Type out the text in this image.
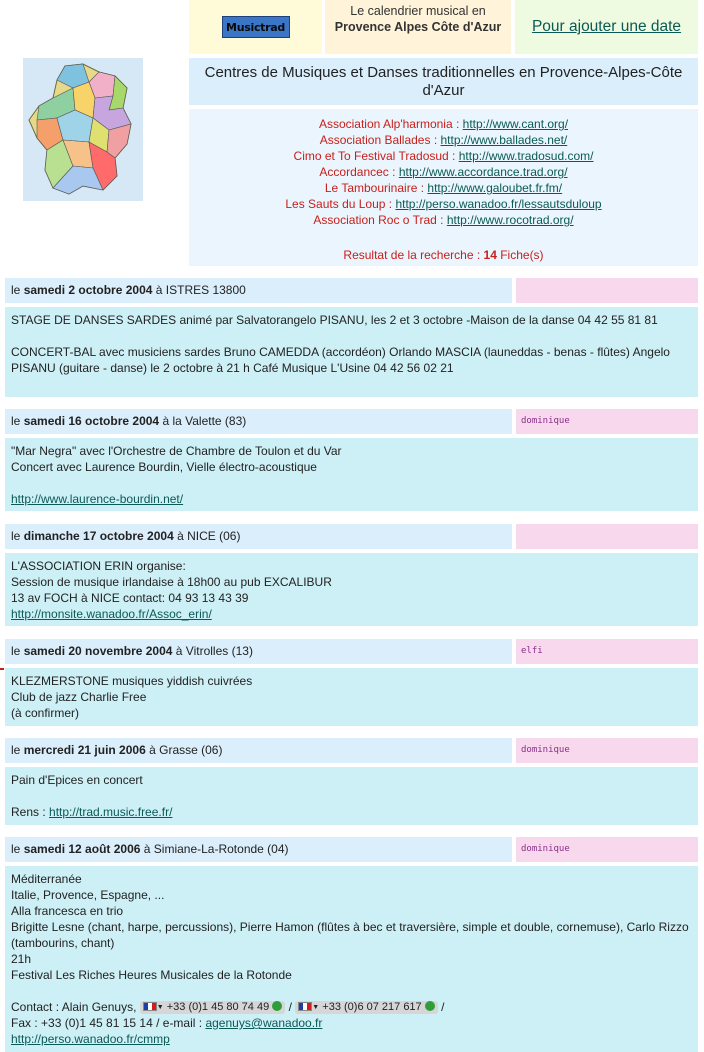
Musictrad
Le calendrier musical en
Provence Alpes Côte d'Azur	Pour ajouter une date
Centres de Musiques et Danses traditionnelles en Provence-Alpes-Côte d'Azur
Association Alp'harmonia : http://www.cant.org/
Association Ballades : http://www.ballades.net/
Cimo et To Festival Tradosud : http://www.tradosud.com/
Accordancec : http://www.accordance.trad.org/
Le Tambourinaire : http://www.galoubet.fr.fm/
Les Sauts du Loup : http://perso.wanadoo.fr/lessautsduloup
Association Roc o Trad : http://www.rocotrad.org/
Resultat de la recherche : 14 Fiche(s)
le samedi 2 octobre 2004 à ISTRES 13800

STAGE DE DANSES SARDES animé par Salvatorangelo PISANU, les 2 et 3 octobre -Maison de la danse 04 42 55 81 81

CONCERT-BAL avec musiciens sardes Bruno CAMEDDA (accordéon) Orlando MASCIA (launeddas - benas - flûtes) Angelo PISANU (guitare - danse) le 2 octobre à 21 h Café Musique L'Usine 04 42 56 02 21

le samedi 16 octobre 2004 à la Valette (83)	dominique

"Mar Negra" avec l'Orchestre de Chambre de Toulon et du Var

Concert avec Laurence Bourdin, Vielle électro-acoustique

http://www.laurence-bourdin.net/

le dimanche 17 octobre 2004 à NICE (06)

L'ASSOCIATION ERIN organise:

Session de musique irlandaise à 18h00 au pub EXCALIBUR

13 av FOCH à NICE contact: 04 93 13 43 39

http://monsite.wanadoo.fr/Assoc_erin/

le samedi 20 novembre 2004 à Vitrolles (13)	elfi

KLEZMERSTONE musiques yiddish cuivrées

Club de jazz Charlie Free

(à confirmer)

le mercredi 21 juin 2006 à Grasse (06)	dominique

Pain d'Epices en concert

Rens : http://trad.music.free.fr/

le samedi 12 août 2006 à Simiane-La-Rotonde (04)	dominique

Méditerranée

Italie, Provence, Espagne, ...

Alla francesca en trio

Brigitte Lesne (chant, harpe, percussions), Pierre Hamon (flûtes à bec et traversière, simple et double, cornemuse), Carlo Rizzo (tambourins, chant)

21h

Festival Les Riches Heures Musicales de la Rotonde

Contact : Alain Genuys,	▼ +33 (0)1 45 80 74 49  / ▼ +33 (0)6 07 217 617  /

Fax : +33 (0)1 45 81 15 14 / e-mail : agenuys@wanadoo.fr

http://perso.wanadoo.fr/cmmp
